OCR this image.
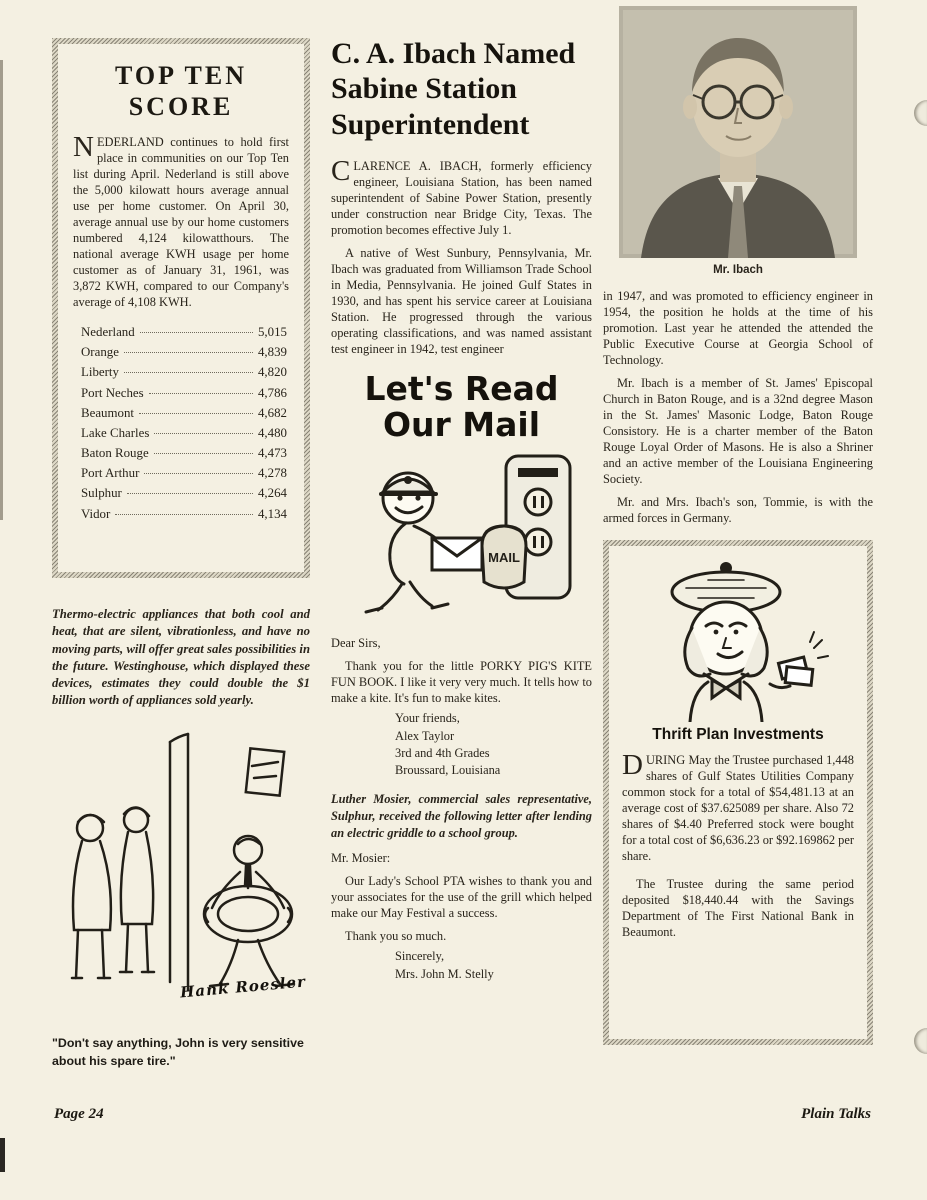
TOP TEN
SCORE

NEDERLAND continues to hold first place in communities on our Top Ten list during April. Nederland is still above the 5,000 kilowatt hours average annual use per home customer. On April 30, average annual use by our home customers numbered 4,124 kilowatthours. The national average KWH usage per home customer as of January 31, 1961, was 3,872 KWH, compared to our Company's average of 4,108 KWH.

Nederland	5,015
Orange	4,839
Liberty	4,820
Port Neches	4,786
Beaumont	4,682
Lake Charles	4,480
Baton Rouge	4,473
Port Arthur	4,278
Sulphur	4,264
Vidor	4,134

Thermo-electric appliances that both cool and heat, that are silent, vibrationless, and have no moving parts, will offer great sales possibilities in the future. Westinghouse, which displayed these devices, estimates they could double the $1 billion worth of appliances sold yearly.

Hank Roesler

"Don't say anything, John is very sensitive about his spare tire."

C. A. Ibach Named
Sabine Station
Superintendent

CLARENCE A. IBACH, formerly efficiency engineer, Louisiana Station, has been named superintendent of Sabine Power Station, presently under construction near Bridge City, Texas. The promotion becomes effective July 1.

A native of West Sunbury, Pennsylvania, Mr. Ibach was graduated from Williamson Trade School in Media, Pennsylvania. He joined Gulf States in 1930, and has spent his service career at Louisiana Station. He progressed through the various operating classifications, and was named assistant test engineer in 1942, test engineer

Let's Read
Our Mail
MAIL

Dear Sirs,

Thank you for the little PORKY PIG'S KITE FUN BOOK. I like it very very much. It tells how to make a kite. It's fun to make kites.

Your friends,
Alex Taylor
3rd and 4th Grades
Broussard, Louisiana

Luther Mosier, commercial sales representative, Sulphur, received the following letter after lending an electric griddle to a school group.

Mr. Mosier:

Our Lady's School PTA wishes to thank you and your associates for the use of the grill which helped make our May Festival a success.

Thank you so much.

Sincerely,
Mrs. John M. Stelly
Mr. Ibach

in 1947, and was promoted to efficiency engineer in 1954, the position he holds at the time of his promotion. Last year he attended the attended the Public Executive Course at Georgia School of Technology.

Mr. Ibach is a member of St. James' Episcopal Church in Baton Rouge, and is a 32nd degree Mason in the St. James' Masonic Lodge, Baton Rouge Consistory. He is a charter member of the Baton Rouge Loyal Order of Masons. He is also a Shriner and an active member of the Louisiana Engineering Society.

Mr. and Mrs. Ibach's son, Tommie, is with the armed forces in Germany.

Thrift Plan Investments

DURING May the Trustee purchased 1,448 shares of Gulf States Utilities Company common stock for a total of $54,481.13 at an average cost of $37.625089 per share. Also 72 shares of $4.40 Preferred stock were bought for a total cost of $6,636.23 or $92.169862 per share.

The Trustee during the same period deposited $18,440.44 with the Savings Department of The First National Bank in Beaumont.

Page 24	Plain Talks
